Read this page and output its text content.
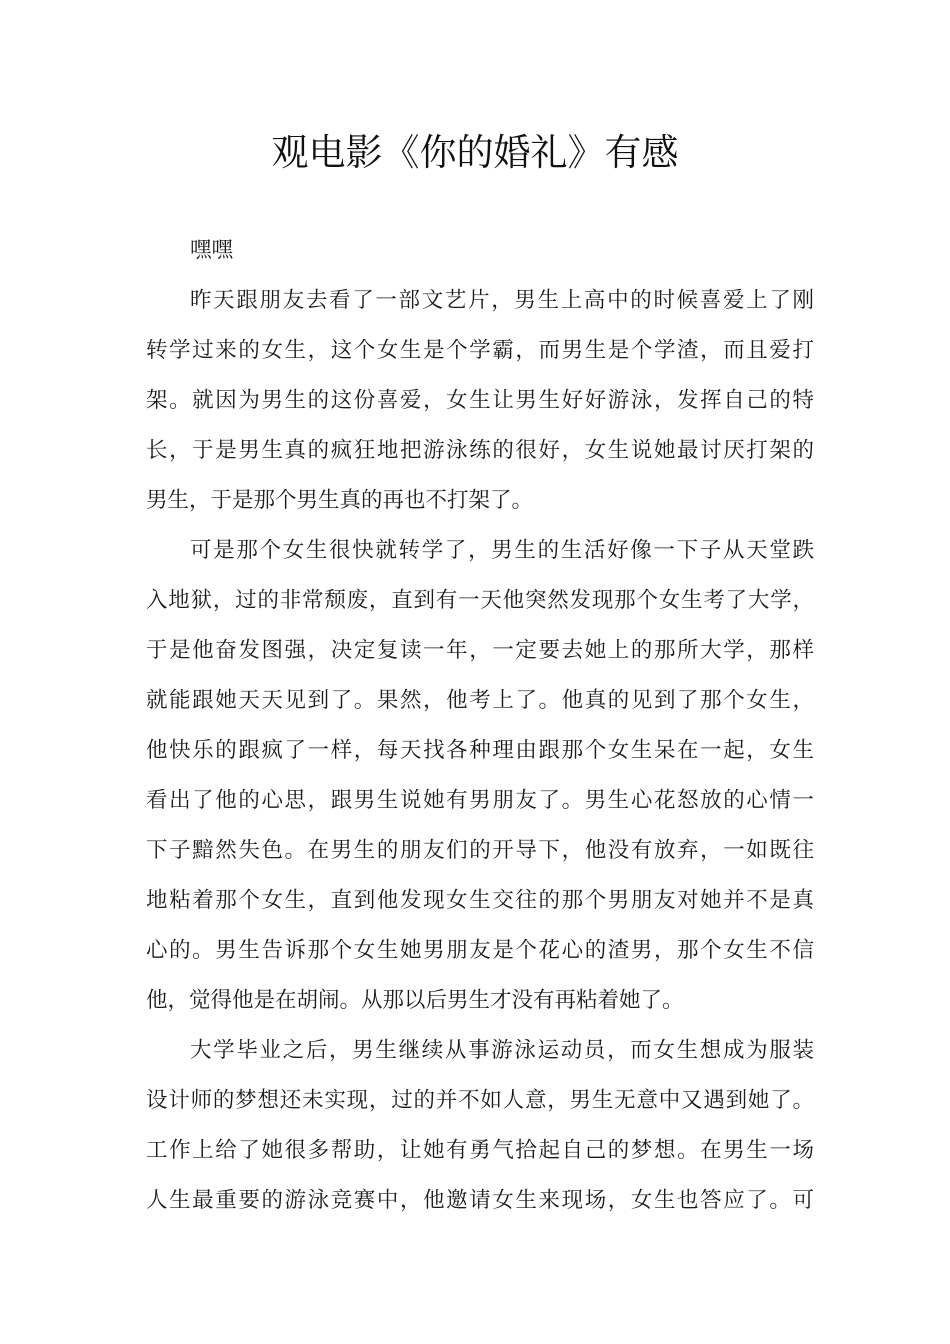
观电影《你的婚礼》有感
嘿嘿
昨天跟朋友去看了一部文艺片，男生上高中的时候喜爱上了刚
转学过来的女生，这个女生是个学霸，而男生是个学渣，而且爱打
架。就因为男生的这份喜爱，女生让男生好好游泳，发挥自己的特
长，于是男生真的疯狂地把游泳练的很好，女生说她最讨厌打架的
男生，于是那个男生真的再也不打架了。
可是那个女生很快就转学了，男生的生活好像一下子从天堂跌
入地狱，过的非常颓废，直到有一天他突然发现那个女生考了大学，
于是他奋发图强，决定复读一年，一定要去她上的那所大学，那样
就能跟她天天见到了。果然，他考上了。他真的见到了那个女生，
他快乐的跟疯了一样，每天找各种理由跟那个女生呆在一起，女生
看出了他的心思，跟男生说她有男朋友了。男生心花怒放的心情一
下子黯然失色。在男生的朋友们的开导下，他没有放弃，一如既往
地粘着那个女生，直到他发现女生交往的那个男朋友对她并不是真
心的。男生告诉那个女生她男朋友是个花心的渣男，那个女生不信
他，觉得他是在胡闹。从那以后男生才没有再粘着她了。
大学毕业之后，男生继续从事游泳运动员，而女生想成为服装
设计师的梦想还未实现，过的并不如人意，男生无意中又遇到她了。
工作上给了她很多帮助，让她有勇气拾起自己的梦想。在男生一场
人生最重要的游泳竞赛中，他邀请女生来现场，女生也答应了。可
